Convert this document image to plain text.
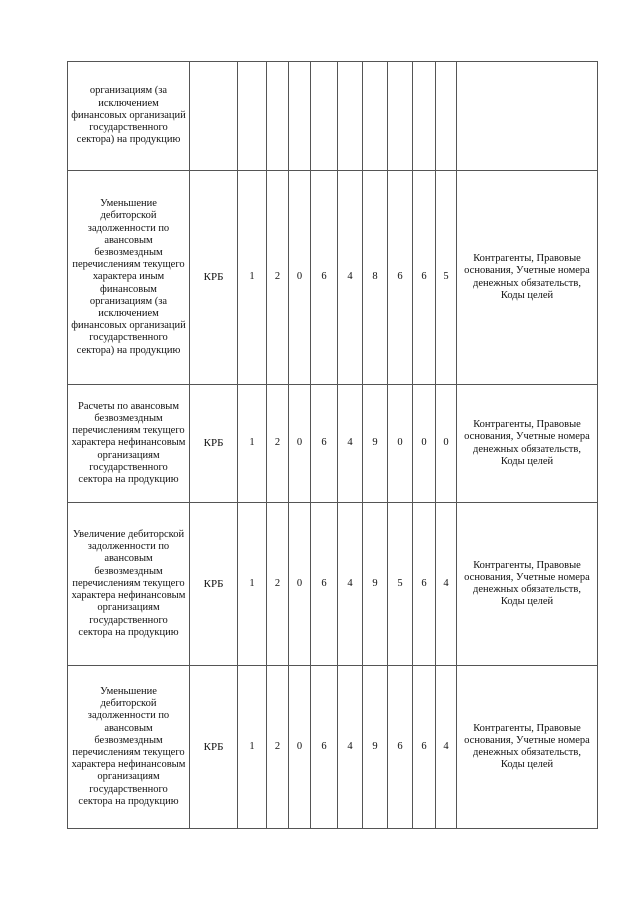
организациям (за исключением финансовых организаций государственного сектора) на продукцию											
Уменьшение дебиторской задолженности по авансовым безвозмездным перечислениям текущего характера иным финансовым организациям (за исключением финансовых организаций государственного сектора) на продукцию	КРБ	1	2	0	6	4	8	6	6	5	Контрагенты, Правовые основания, Учетные номера денежных обязательств, Коды целей
Расчеты по авансовым безвозмездным перечислениям текущего характера нефинансовым организациям государственного сектора на продукцию	КРБ	1	2	0	6	4	9	0	0	0	Контрагенты, Правовые основания, Учетные номера денежных обязательств, Коды целей
Увеличение дебиторской задолженности по авансовым безвозмездным перечислениям текущего характера нефинансовым организациям государственного сектора на продукцию	КРБ	1	2	0	6	4	9	5	6	4	Контрагенты, Правовые основания, Учетные номера денежных обязательств, Коды целей
Уменьшение дебиторской задолженности по авансовым безвозмездным перечислениям текущего характера нефинансовым организациям государственного сектора на продукцию	КРБ	1	2	0	6	4	9	6	6	4	Контрагенты, Правовые основания, Учетные номера денежных обязательств, Коды целей
